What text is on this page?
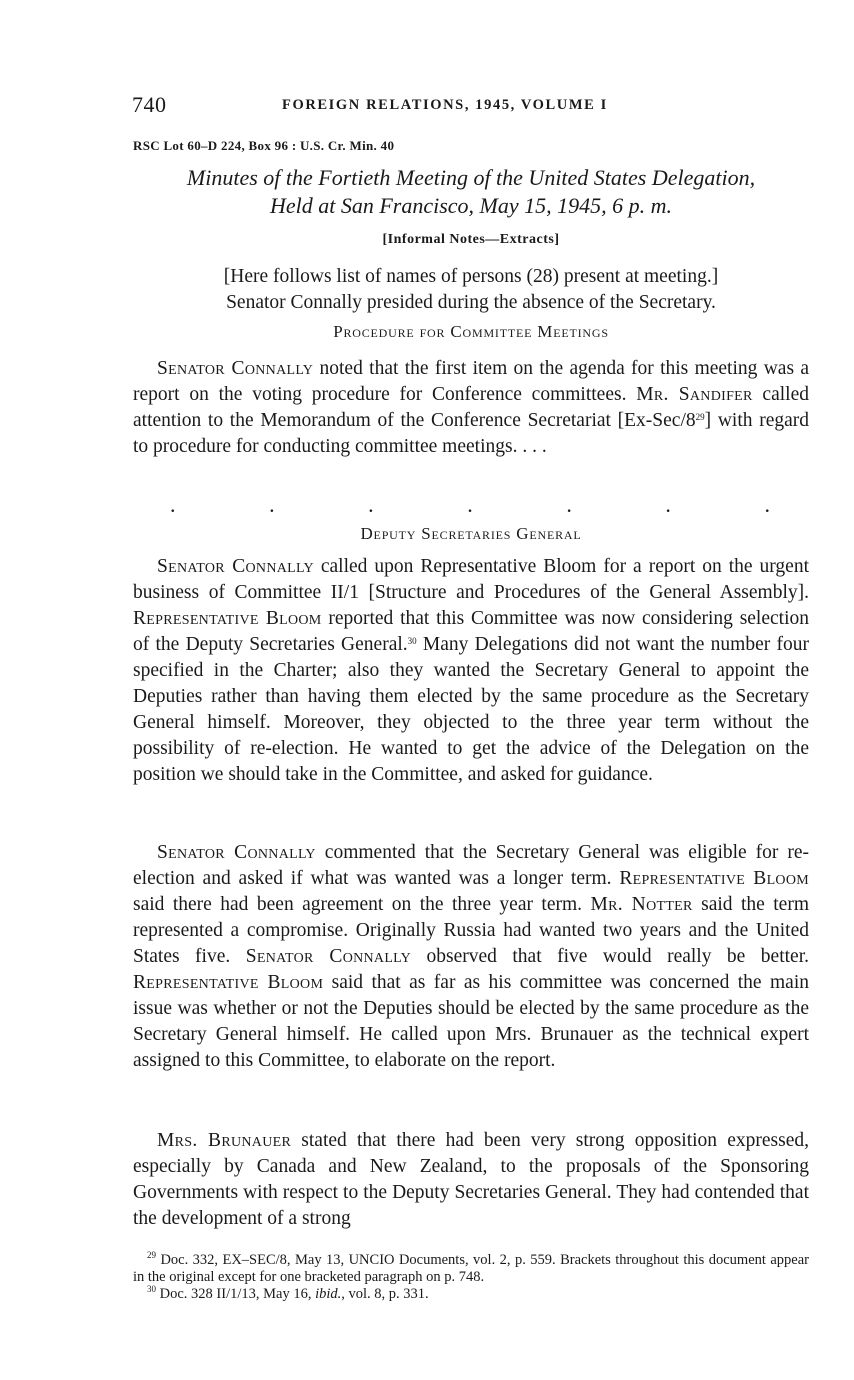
740	FOREIGN RELATIONS, 1945, VOLUME I
RSC Lot 60–D 224, Box 96 : U.S. Cr. Min. 40
Minutes of the Fortieth Meeting of the United States Delegation,
Held at San Francisco, May 15, 1945, 6 p. m.
[Informal Notes—Extracts]
[Here follows list of names of persons (28) present at meeting.]
Senator Connally presided during the absence of the Secretary.
Procedure for Committee Meetings

Senator Connally noted that the first item on the agenda for this meeting was a report on the voting procedure for Conference committees. Mr. Sandifer called attention to the Memorandum of the Conference Secretariat $[Ex-Sec/8^{29}]$ with regard to procedure for conducting committee meetings. . . .

.	.	.	.	.	.	.
Deputy Secretaries General

Senator Connally called upon Representative Bloom for a report on the urgent business of Committee II/1 [Structure and Procedures of the General Assembly]. Representative Bloom reported that this Committee was now considering selection of the Deputy Secretaries General.$^{30}$ Many Delegations did not want the number four specified in the Charter; also they wanted the Secretary General to appoint the Deputies rather than having them elected by the same procedure as the Secretary General himself. Moreover, they objected to the three year term without the possibility of re-election. He wanted to get the advice of the Delegation on the position we should take in the Committee, and asked for guidance.

Senator Connally commented that the Secretary General was eligible for re-election and asked if what was wanted was a longer term. Representative Bloom said there had been agreement on the three year term. Mr. Notter said the term represented a compromise. Originally Russia had wanted two years and the United States five. Senator Connally observed that five would really be better. Representative Bloom said that as far as his committee was concerned the main issue was whether or not the Deputies should be elected by the same procedure as the Secretary General himself. He called upon Mrs. Brunauer as the technical expert assigned to this Committee, to elaborate on the report.

Mrs. Brunauer stated that there had been very strong opposition expressed, especially by Canada and New Zealand, to the proposals of the Sponsoring Governments with respect to the Deputy Secretaries General. They had contended that the development of a strong

$^{29}$ Doc. 332, EX–SEC/8, May 13, UNCIO Documents, vol. 2, p. 559. Brackets throughout this document appear in the original except for one bracketed paragraph on p. 748.

$^{30}$ Doc. 328 II/1/13, May 16, ibid., vol. 8, p. 331.
